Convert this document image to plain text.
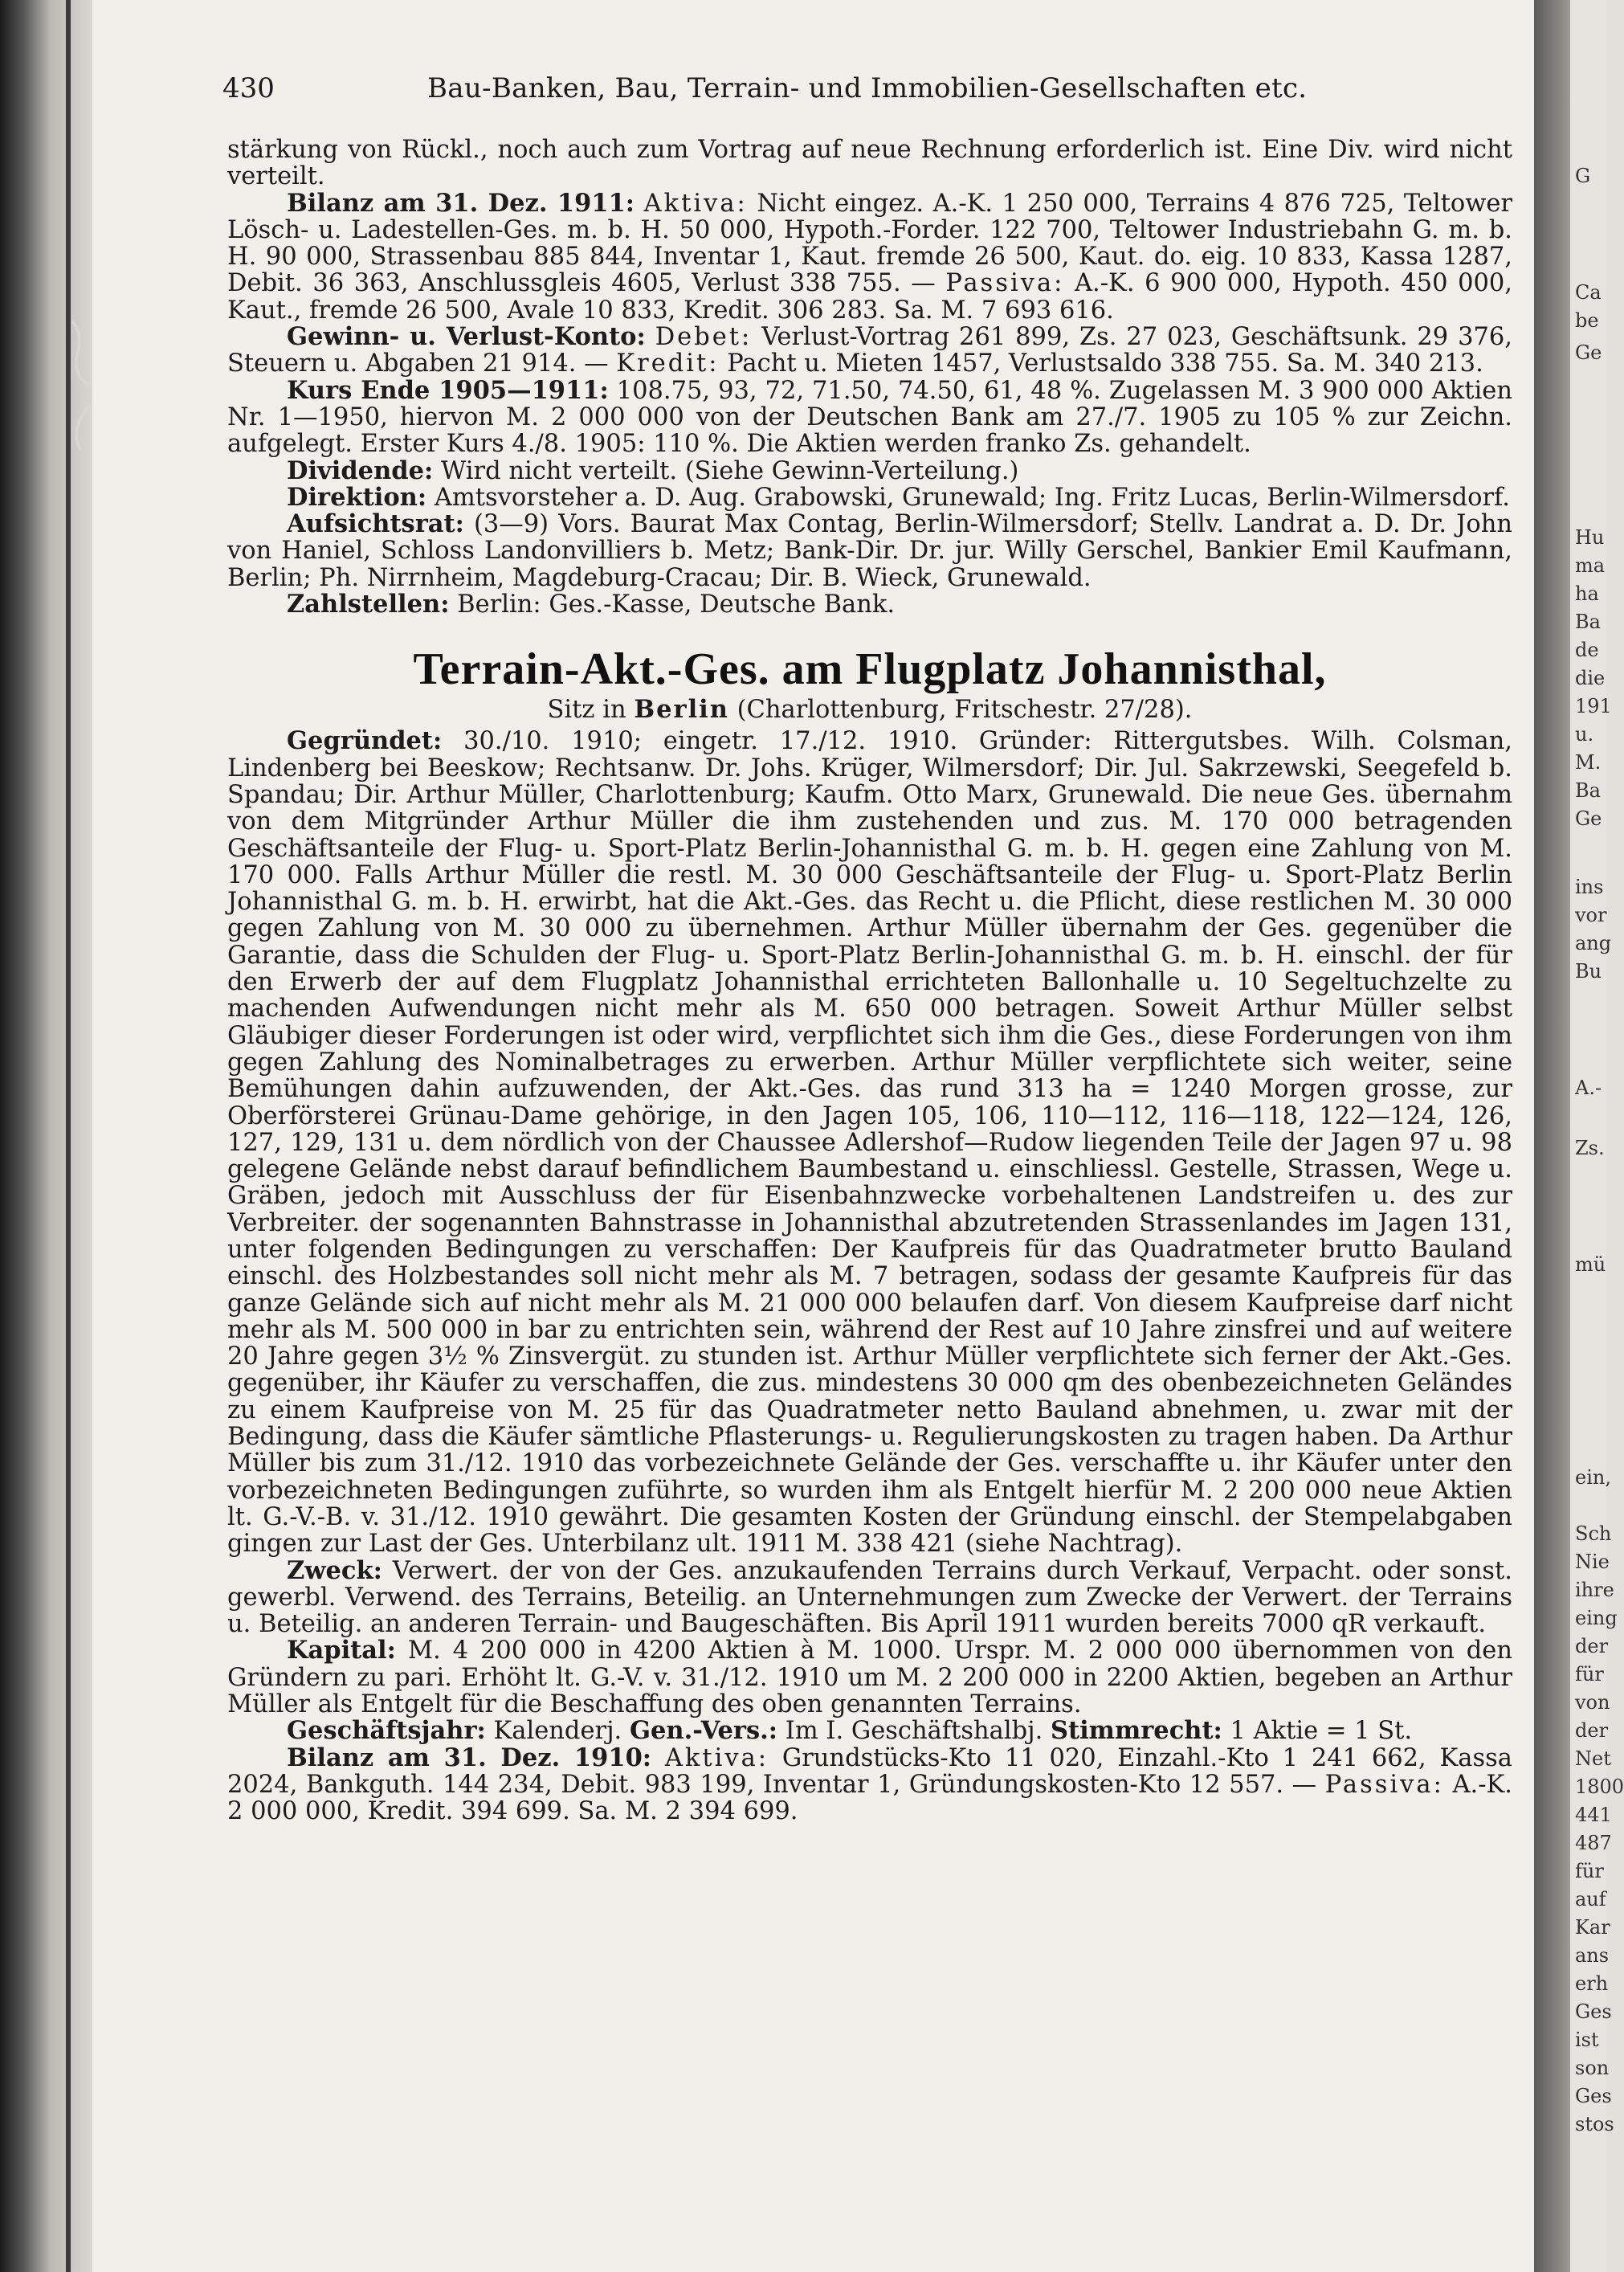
G
Ca
be
Ge
Hu
ma
ha
Ba
de
die
191
u.
M.
Ba
Ge
ins
vor
ang
Bu
A.-
Zs.
mü
ein,
Sch
Nie
ihre
eing
der
für
von
der
Net
1800
441
487
für
auf
Kar
ans
erh
Ges
ist
son
Ges
stos
430	Bau-Banken, Bau, Terrain- und Immobilien-Gesellschaften etc.

stärkung von Rückl., noch auch zum Vortrag auf neue Rechnung erforderlich ist. Eine Div. wird nicht verteilt.

Bilanz am 31. Dez. 1911: Aktiva: Nicht eingez. A.-K. 1 250 000, Terrains 4 876 725, Teltower Lösch- u. Ladestellen-Ges. m. b. H. 50 000, Hypoth.-Forder. 122 700, Teltower Industriebahn G. m. b. H. 90 000, Strassenbau 885 844, Inventar 1, Kaut. fremde 26 500, Kaut. do. eig. 10 833, Kassa 1287, Debit. 36 363, Anschlussgleis 4605, Verlust 338 755. — Passiva: A.-K. 6 900 000, Hypoth. 450 000, Kaut., fremde 26 500, Avale 10 833, Kredit. 306 283. Sa. M. 7 693 616.

Gewinn- u. Verlust-Konto: Debet: Verlust-Vortrag 261 899, Zs. 27 023, Geschäftsunk. 29 376, Steuern u. Abgaben 21 914. — Kredit: Pacht u. Mieten 1457, Verlustsaldo 338 755. Sa. M. 340 213.

Kurs Ende 1905—1911: 108.75, 93, 72, 71.50, 74.50, 61, 48 %. Zugelassen M. 3 900 000 Aktien Nr. 1—1950, hiervon M. 2 000 000 von der Deutschen Bank am 27./7. 1905 zu 105 % zur Zeichn. aufgelegt. Erster Kurs 4./8. 1905: 110 %. Die Aktien werden franko Zs. gehandelt.

Dividende: Wird nicht verteilt. (Siehe Gewinn-Verteilung.)

Direktion: Amtsvorsteher a. D. Aug. Grabowski, Grunewald; Ing. Fritz Lucas, Berlin-Wilmersdorf.

Aufsichtsrat: (3—9) Vors. Baurat Max Contag, Berlin-Wilmersdorf; Stellv. Landrat a. D. Dr. John von Haniel, Schloss Landonvilliers b. Metz; Bank-Dir. Dr. jur. Willy Gerschel, Bankier Emil Kaufmann, Berlin; Ph. Nirrnheim, Magdeburg-Cracau; Dir. B. Wieck, Grunewald.

Zahlstellen: Berlin: Ges.-Kasse, Deutsche Bank.

Terrain-Akt.-Ges. am Flugplatz Johannisthal,
Sitz in Berlin (Charlottenburg, Fritschestr. 27/28).

Gegründet: 30./10. 1910; eingetr. 17./12. 1910. Gründer: Rittergutsbes. Wilh. Colsman, Lindenberg bei Beeskow; Rechtsanw. Dr. Johs. Krüger, Wilmersdorf; Dir. Jul. Sakrzewski, Seegefeld b. Spandau; Dir. Arthur Müller, Charlottenburg; Kaufm. Otto Marx, Grunewald. Die neue Ges. übernahm von dem Mitgründer Arthur Müller die ihm zustehenden und zus. M. 170 000 betragenden Geschäftsanteile der Flug- u. Sport-Platz Berlin-Johannisthal G. m. b. H. gegen eine Zahlung von M. 170 000. Falls Arthur Müller die restl. M. 30 000 Geschäftsanteile der Flug- u. Sport-Platz Berlin Johannisthal G. m. b. H. erwirbt, hat die Akt.-Ges. das Recht u. die Pflicht, diese restlichen M. 30 000 gegen Zahlung von M. 30 000 zu übernehmen. Arthur Müller übernahm der Ges. gegenüber die Garantie, dass die Schulden der Flug- u. Sport-Platz Berlin-Johannisthal G. m. b. H. einschl. der für den Erwerb der auf dem Flugplatz Johannisthal errichteten Ballonhalle u. 10 Segeltuchzelte zu machenden Aufwendungen nicht mehr als M. 650 000 betragen. Soweit Arthur Müller selbst Gläubiger dieser Forderungen ist oder wird, verpflichtet sich ihm die Ges., diese Forderungen von ihm gegen Zahlung des Nominalbetrages zu erwerben. Arthur Müller verpflichtete sich weiter, seine Bemühungen dahin aufzuwenden, der Akt.-Ges. das rund 313 ha = 1240 Morgen grosse, zur Oberförsterei Grünau-Dame gehörige, in den Jagen 105, 106, 110—112, 116—118, 122—124, 126, 127, 129, 131 u. dem nördlich von der Chaussee Adlershof—Rudow liegenden Teile der Jagen 97 u. 98 gelegene Gelände nebst darauf befindlichem Baumbestand u. einschliessl. Gestelle, Strassen, Wege u. Gräben, jedoch mit Ausschluss der für Eisenbahnzwecke vorbehaltenen Landstreifen u. des zur Verbreiter. der sogenannten Bahnstrasse in Johannisthal abzutretenden Strassenlandes im Jagen 131, unter folgenden Bedingungen zu verschaffen: Der Kaufpreis für das Quadratmeter brutto Bauland einschl. des Holzbestandes soll nicht mehr als M. 7 betragen, sodass der gesamte Kaufpreis für das ganze Gelände sich auf nicht mehr als M. 21 000 000 belaufen darf. Von diesem Kaufpreise darf nicht mehr als M. 500 000 in bar zu entrichten sein, während der Rest auf 10 Jahre zinsfrei und auf weitere 20 Jahre gegen 3½ % Zinsvergüt. zu stunden ist. Arthur Müller verpflichtete sich ferner der Akt.-Ges. gegenüber, ihr Käufer zu verschaffen, die zus. mindestens 30 000 qm des obenbezeichneten Geländes zu einem Kaufpreise von M. 25 für das Quadratmeter netto Bauland abnehmen, u. zwar mit der Bedingung, dass die Käufer sämtliche Pflasterungs- u. Regulierungskosten zu tragen haben. Da Arthur Müller bis zum 31./12. 1910 das vorbezeichnete Gelände der Ges. verschaffte u. ihr Käufer unter den vorbezeichneten Bedingungen zuführte, so wurden ihm als Entgelt hierfür M. 2 200 000 neue Aktien lt. G.-V.-B. v. 31./12. 1910 gewährt. Die gesamten Kosten der Gründung einschl. der Stempelabgaben gingen zur Last der Ges. Unterbilanz ult. 1911 M. 338 421 (siehe Nachtrag).

Zweck: Verwert. der von der Ges. anzukaufenden Terrains durch Verkauf, Verpacht. oder sonst. gewerbl. Verwend. des Terrains, Beteilig. an Unternehmungen zum Zwecke der Verwert. der Terrains u. Beteilig. an anderen Terrain- und Baugeschäften. Bis April 1911 wurden bereits 7000 qR verkauft.

Kapital: M. 4 200 000 in 4200 Aktien à M. 1000. Urspr. M. 2 000 000 übernommen von den Gründern zu pari. Erhöht lt. G.-V. v. 31./12. 1910 um M. 2 200 000 in 2200 Aktien, begeben an Arthur Müller als Entgelt für die Beschaffung des oben genannten Terrains.

Geschäftsjahr: Kalenderj. Gen.-Vers.: Im I. Geschäftshalbj. Stimmrecht: 1 Aktie = 1 St.

Bilanz am 31. Dez. 1910: Aktiva: Grundstücks-Kto 11 020, Einzahl.-Kto 1 241 662, Kassa 2024, Bankguth. 144 234, Debit. 983 199, Inventar 1, Gründungskosten-Kto 12 557. — Passiva: A.-K. 2 000 000, Kredit. 394 699. Sa. M. 2 394 699.
